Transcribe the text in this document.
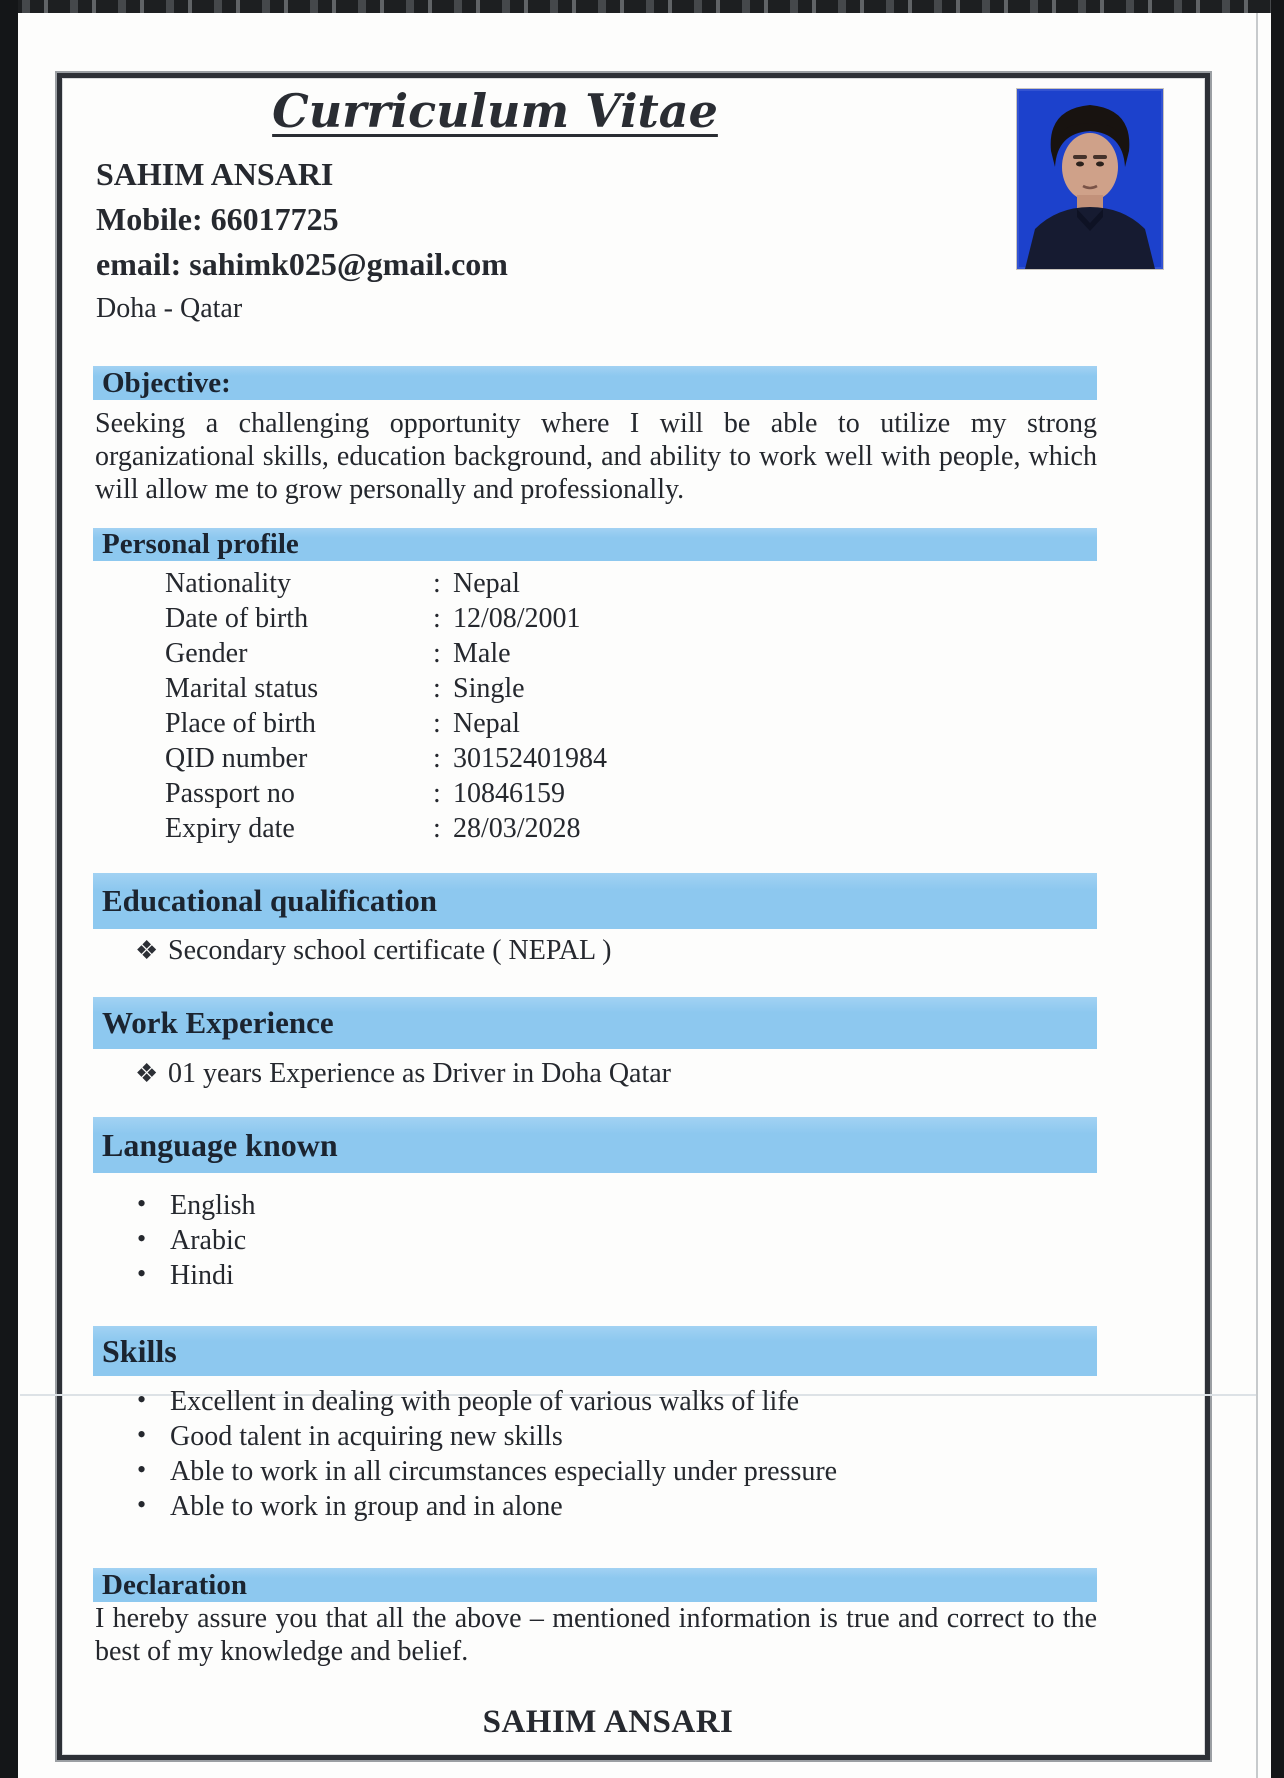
Curriculum Vitae
SAHIM ANSARI
Mobile: 66017725
email: sahimk025@gmail.com
Doha - Qatar
Objective:
Seeking a challenging opportunity where I will be able to utilize my strong organizational skills, education background, and ability to work well with people, which will allow me to grow personally and professionally.
Personal profile
Nationality	: Nepal
Date of birth	: 12/08/2001
Gender	: Male
Marital status	: Single
Place of birth	: Nepal
QID number	: 30152401984
Passport no	: 10846159
Expiry date	: 28/03/2028
Educational qualification
❖ Secondary school certificate ( NEPAL )
Work Experience
❖ 01 years Experience as Driver in Doha Qatar
Language known
• English
• Arabic
• Hindi
Skills
• Excellent in dealing with people of various walks of life
• Good talent in acquiring new skills
• Able to work in all circumstances especially under pressure
• Able to work in group and in alone
Declaration
I hereby assure you that all the above – mentioned information is true and correct to the best of my knowledge and belief.
SAHIM ANSARI
